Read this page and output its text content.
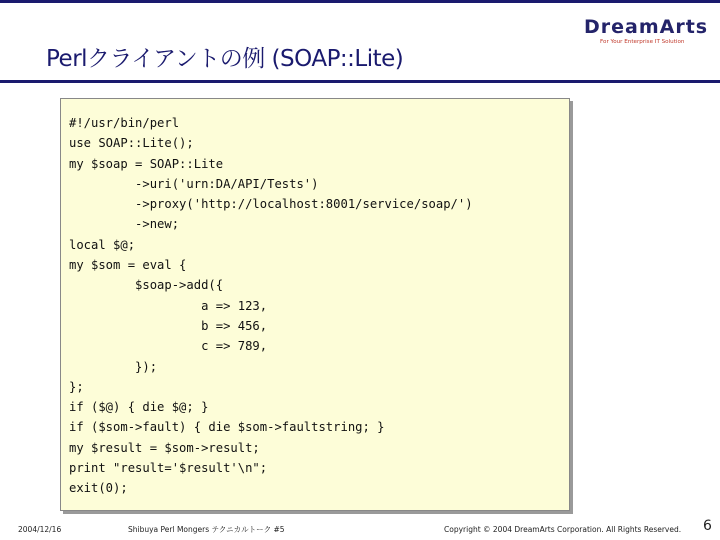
DreamArts
For Your Enterprise IT Solution
Perlクライアントの例 (SOAP::Lite)
#!/usr/bin/perl
use SOAP::Lite();
my $soap = SOAP::Lite
->uri('urn:DA/API/Tests')
->proxy('http://localhost:8001/service/soap/')
->new;
local $@;
my $som = eval {
$soap->add({
a => 123,
b => 456,
c => 789,
});
};
if ($@) { die $@; }
if ($som->fault) { die $som->faultstring; }
my $result = $som->result;
print "result='$result'\n";
exit(0);
2004/12/16	Shibuya Perl Mongers テクニカルトーク #5	Copyright © 2004 DreamArts Corporation. All Rights Reserved. 6
